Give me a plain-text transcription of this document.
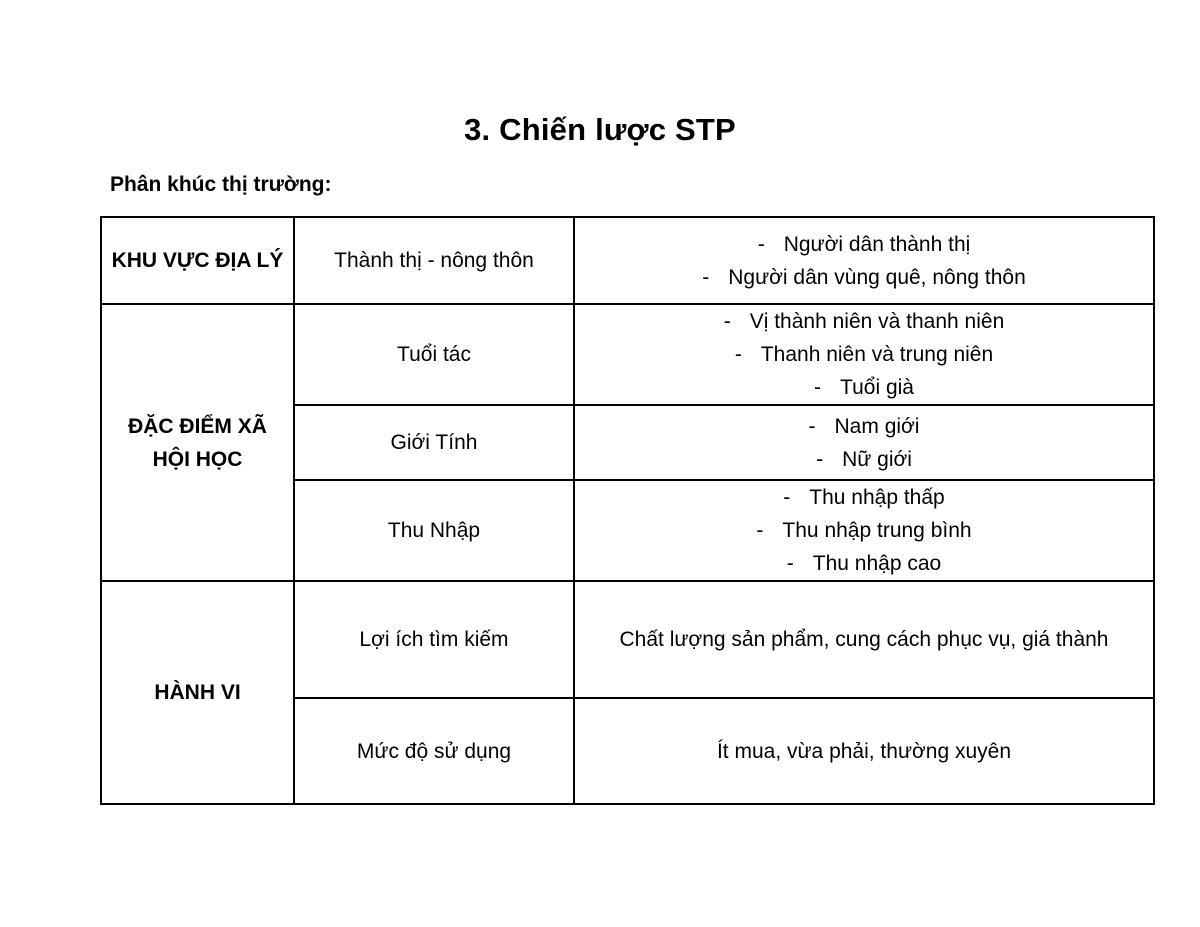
3. Chiến lược STP
Phân khúc thị trường:
KHU VỰC ĐỊA LÝ	Thành thị - nông thôn	- Người dân thành thị
- Người dân vùng quê, nông thôn

ĐẶC ĐIỂM XÃ HỘI HỌC	Tuổi tác	- Vị thành niên và thanh niên
- Thanh niên và trung niên
- Tuổi già

	Giới Tính	- Nam giới
- Nữ giới

	Thu Nhập	- Thu nhập thấp
- Thu nhập trung bình
- Thu nhập cao

HÀNH VI	Lợi ích tìm kiếm	Chất lượng sản phẩm, cung cách phục vụ, giá thành
	Mức độ sử dụng	Ít mua, vừa phải, thường xuyên
